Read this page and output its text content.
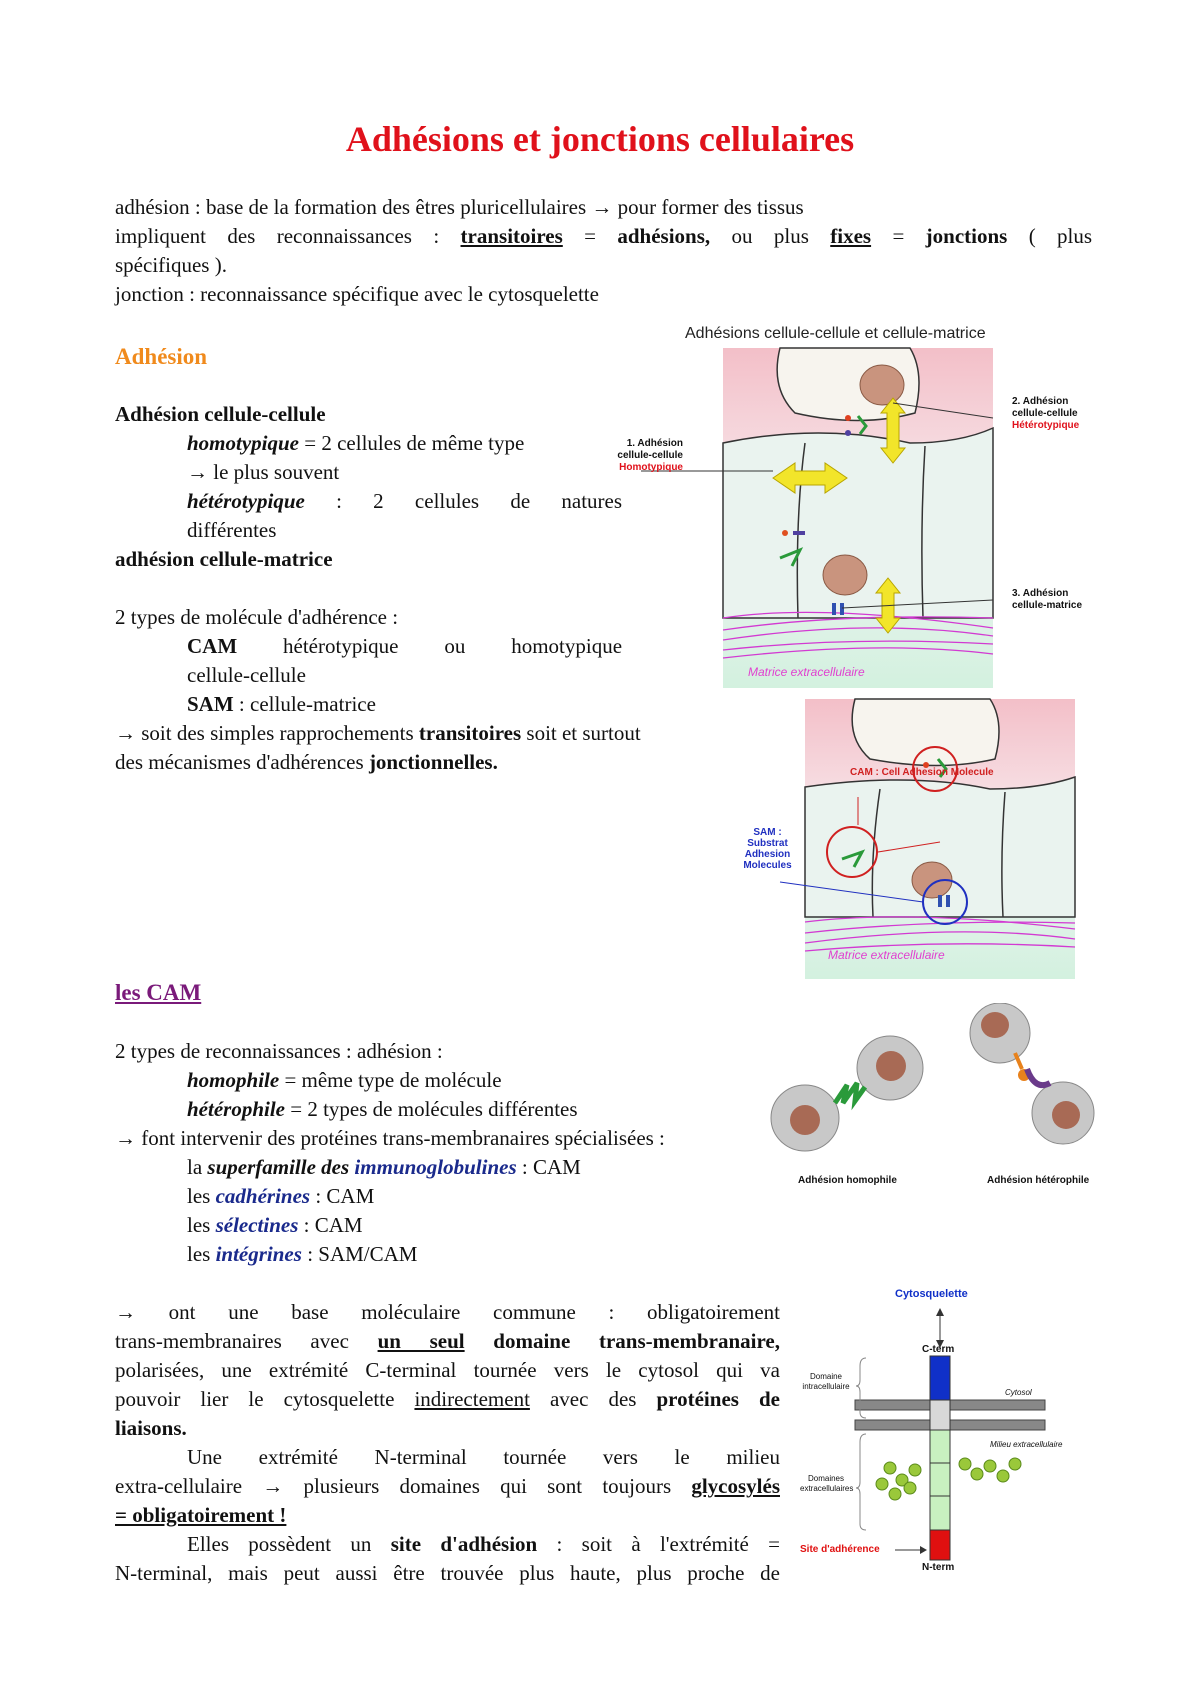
Adhésions et jonctions cellulaires
adhésion : base de la formation des êtres pluricellulaires → pour former des tissus
impliquent des reconnaissances : transitoires = adhésions, ou plus fixes = jonctions ( plus
spécifiques ).
jonction : reconnaissance spécifique avec le cytosquelette
Adhésion
Adhésion cellule-cellule
homotypique = 2 cellules de même type
→ le plus souvent
hétérotypique : 2 cellules de natures
différentes
adhésion cellule-matrice
2 types de molécule d'adhérence :
CAM hétérotypique ou homotypique
cellule-cellule
SAM : cellule-matrice
→ soit des simples rapprochements transitoires soit et surtout
des mécanismes d'adhérences jonctionnelles.
Adhésions cellule-cellule et cellule-matrice
Matrice extracellulaire
1. Adhésion
cellule-cellule
Homotypique
2. Adhésion
cellule-cellule
Hétérotypique
3. Adhésion
cellule-matrice
Matrice extracellulaire
CAM : Cell Adhesion Molecule
SAM :
Substrat
Adhesion
Molecules
les CAM
2 types de reconnaissances : adhésion :
homophile = même type de molécule
hétérophile = 2 types de molécules différentes
→ font intervenir des protéines trans-membranaires spécialisées :
la superfamille des immunoglobulines : CAM
les cadhérines : CAM
les sélectines : CAM
les intégrines : SAM/CAM
Adhésion homophile	Adhésion hétérophile
→ ont une base moléculaire commune : obligatoirement
trans-membranaires avec un seul domaine trans-membranaire,
polarisées, une extrémité C-terminal tournée vers le cytosol qui va
pouvoir lier le cytosquelette indirectement avec des protéines de
liaisons.
Une extrémité N-terminal tournée vers le milieu
extra-cellulaire → plusieurs domaines qui sont toujours glycosylés
= obligatoirement !
Elles possèdent un site d'adhésion : soit à l'extrémité =
N-terminal, mais peut aussi être trouvée plus haute, plus proche de
Cytosquelette
C-term
N-term
Domaine
intracellulaire
Domaines
extracellulaires
Cytosol
Milieu extracellulaire
Site d'adhérence
